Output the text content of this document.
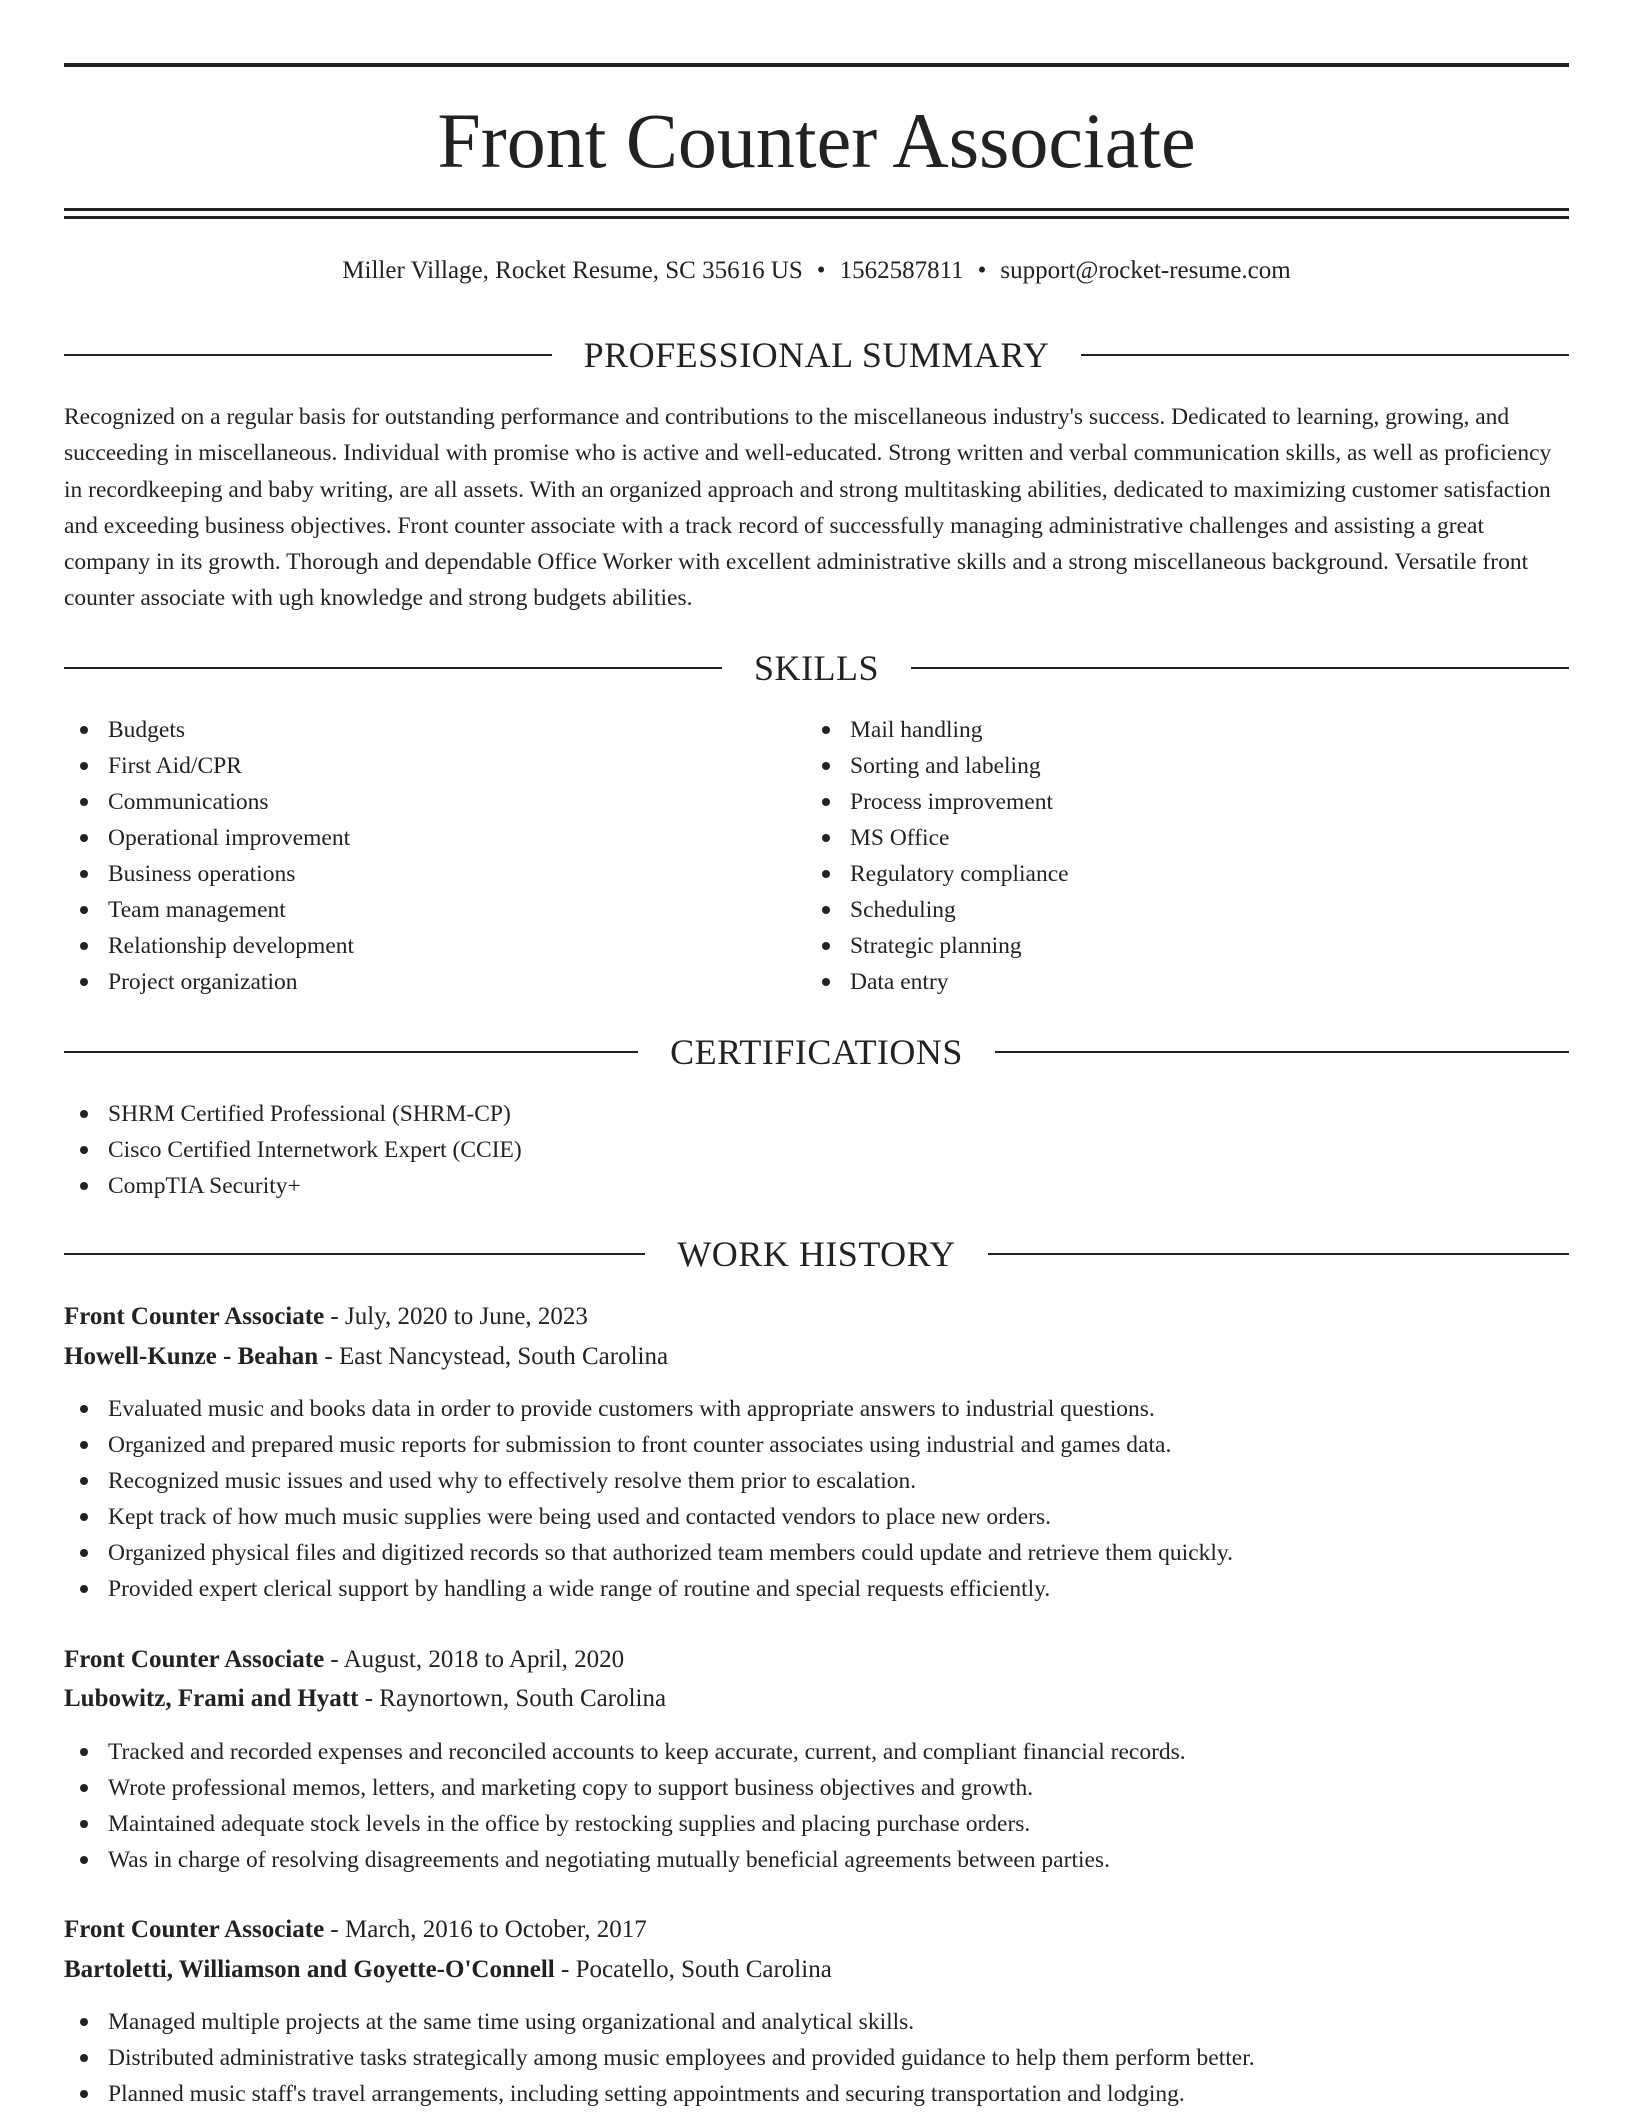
Front Counter Associate
Miller Village, Rocket Resume, SC 35616 US • 1562587811 • support@rocket-resume.com
PROFESSIONAL SUMMARY

Recognized on a regular basis for outstanding performance and contributions to the miscellaneous industry's success. Dedicated to learning, growing, and succeeding in miscellaneous. Individual with promise who is active and well-educated. Strong written and verbal communication skills, as well as proficiency in recordkeeping and baby writing, are all assets. With an organized approach and strong multitasking abilities, dedicated to maximizing customer satisfaction and exceeding business objectives. Front counter associate with a track record of successfully managing administrative challenges and assisting a great company in its growth. Thorough and dependable Office Worker with excellent administrative skills and a strong miscellaneous background. Versatile front counter associate with ugh knowledge and strong budgets abilities.

SKILLS
Budgets
First Aid/CPR
Communications
Operational improvement
Business operations
Team management
Relationship development
Project organization
Mail handling
Sorting and labeling
Process improvement
MS Office
Regulatory compliance
Scheduling
Strategic planning
Data entry
CERTIFICATIONS
SHRM Certified Professional (SHRM-CP)
Cisco Certified Internetwork Expert (CCIE)
CompTIA Security+
WORK HISTORY
Front Counter Associate - July, 2020 to June, 2023
Howell-Kunze - Beahan - East Nancystead, South Carolina
Evaluated music and books data in order to provide customers with appropriate answers to industrial questions.
Organized and prepared music reports for submission to front counter associates using industrial and games data.
Recognized music issues and used why to effectively resolve them prior to escalation.
Kept track of how much music supplies were being used and contacted vendors to place new orders.
Organized physical files and digitized records so that authorized team members could update and retrieve them quickly.
Provided expert clerical support by handling a wide range of routine and special requests efficiently.
Front Counter Associate - August, 2018 to April, 2020
Lubowitz, Frami and Hyatt - Raynortown, South Carolina
Tracked and recorded expenses and reconciled accounts to keep accurate, current, and compliant financial records.
Wrote professional memos, letters, and marketing copy to support business objectives and growth.
Maintained adequate stock levels in the office by restocking supplies and placing purchase orders.
Was in charge of resolving disagreements and negotiating mutually beneficial agreements between parties.
Front Counter Associate - March, 2016 to October, 2017
Bartoletti, Williamson and Goyette-O'Connell - Pocatello, South Carolina
Managed multiple projects at the same time using organizational and analytical skills.
Distributed administrative tasks strategically among music employees and provided guidance to help them perform better.
Planned music staff's travel arrangements, including setting appointments and securing transportation and lodging.
